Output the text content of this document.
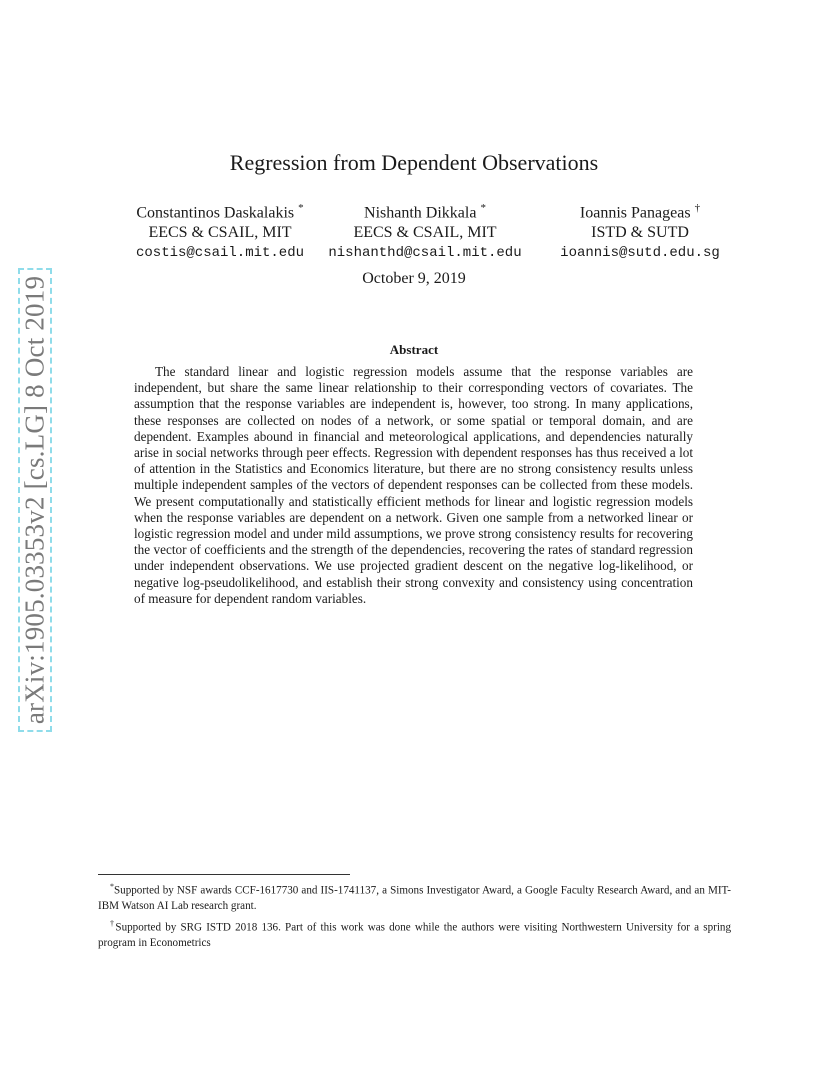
arXiv:1905.03353v2 [cs.LG] 8 Oct 2019
Regression from Dependent Observations
Constantinos Daskalakis *
EECS & CSAIL, MIT
costis@csail.mit.edu
Nishanth Dikkala *
EECS & CSAIL, MIT
nishanthd@csail.mit.edu
Ioannis Panageas †
ISTD & SUTD
ioannis@sutd.edu.sg
October 9, 2019
Abstract
The standard linear and logistic regression models assume that the response variables are independent, but share the same linear relationship to their corresponding vectors of covariates. The assumption that the response variables are independent is, however, too strong. In many applications, these responses are collected on nodes of a network, or some spatial or temporal domain, and are dependent. Examples abound in financial and meteorological applications, and dependencies naturally arise in social networks through peer effects. Regression with dependent responses has thus received a lot of attention in the Statistics and Economics literature, but there are no strong consistency results unless multiple independent samples of the vectors of dependent responses can be collected from these models. We present computationally and statistically efficient methods for linear and logistic regression models when the response variables are dependent on a network. Given one sample from a networked linear or logistic regression model and under mild assumptions, we prove strong consistency results for recovering the vector of coefficients and the strength of the dependencies, recovering the rates of standard regression under independent observations. We use projected gradient descent on the negative log-likelihood, or negative log-pseudolikelihood, and establish their strong convexity and consistency using concentration of measure for dependent random variables.

*Supported by NSF awards CCF-1617730 and IIS-1741137, a Simons Investigator Award, a Google Faculty Research Award, and an MIT-IBM Watson AI Lab research grant.

†Supported by SRG ISTD 2018 136. Part of this work was done while the authors were visiting Northwestern University for a spring program in Econometrics
